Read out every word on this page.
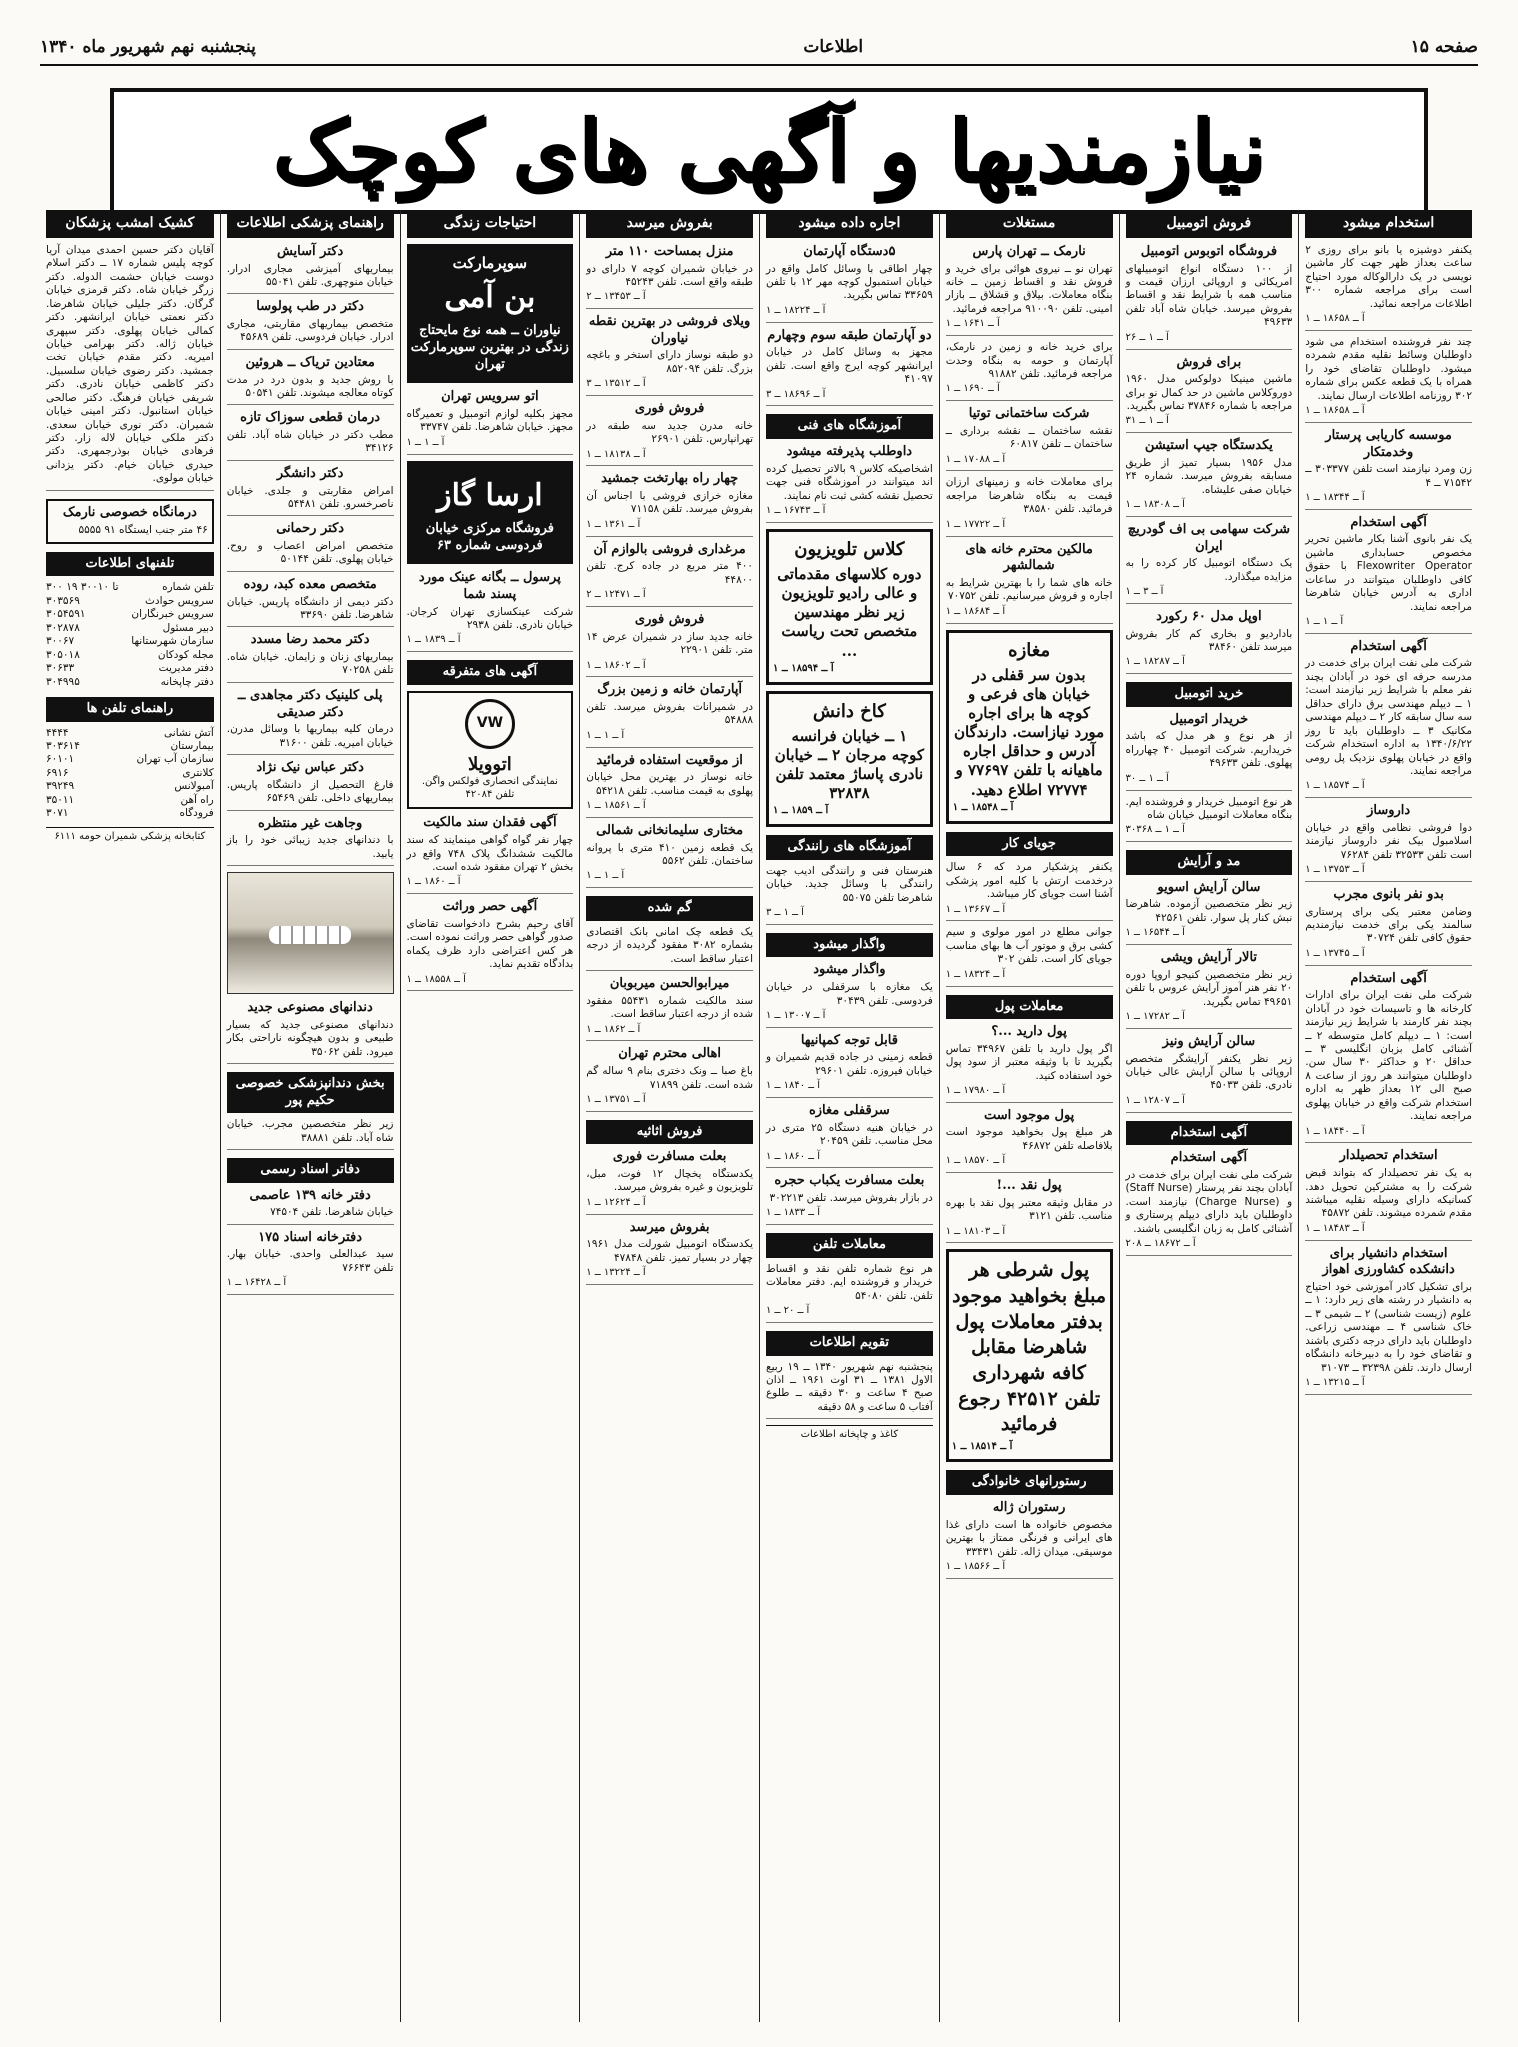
پنجشنبه نهم شهریور ماه ۱۳۴۰	اطلاعات	صفحه ۱۵
نیازمندیها و آگهی های کوچک
استخدام میشود
یکنفر دوشیزه یا بانو برای روزی ۲ ساعت بعداز ظهر جهت کار ماشین نویسی در یک دارالوکاله مورد احتیاج است برای مراجعه شماره ۳۰۰ اطلاعات مراجعه نمائید.
آ ــ ۱۸۶۵۸ ــ ۱
چند نفر فروشنده استخدام می شود داوطلبان وسائط نقلیه مقدم شمرده میشود. داوطلبان تقاضای خود را همراه با یک قطعه عکس برای شماره ۳۰۲ روزنامه اطلاعات ارسال نمایند.
آ ــ ۱۸۶۵۸ ــ ۱
موسسه کاریابی پرستار وخدمتکار
زن ومرد نیازمند است تلفن ۳۰۳۳۷۷ ــ ۷۱۵۴۲ ــ ۴
آ ــ ۱۸۳۴۴ ــ ۱
آگهی استخدام
یک نفر بانوی آشنا بکار ماشین تحریر مخصوص حسابداری ماشین Flexowriter Operator با حقوق کافی داوطلبان میتوانند در ساعات اداری به آدرس خیابان شاهرضا مراجعه نمایند.
آ ــ ۱ ــ ۱
آگهی استخدام
شرکت ملی نفت ایران برای خدمت در مدرسه حرفه ای خود در آبادان بچند نفر معلم با شرایط زیر نیازمند است: ۱ ــ دیپلم مهندسی برق دارای حداقل سه سال سابقه کار ۲ ــ دیپلم مهندسی مکانیک ۳ ــ داوطلبان باید تا روز ۱۳۴۰/۶/۲۲ به اداره استخدام شرکت واقع در خیابان پهلوی نزدیک پل رومی مراجعه نمایند.
آ ــ ۱۸۵۷۴ ــ ۱
داروساز
دوا فروشی نظامی واقع در خیابان اسلامبول بیک نفر داروساز نیازمند است تلفن ۳۲۵۳۳ تلفن ۷۶۲۸۴
آ ــ ۱۳۷۵۳ ــ ۱
بدو نفر بانوی مجرب
وضامن معتبر یکی برای پرستاری سالمند یکی برای خدمت نیازمندیم حقوق کافی تلفن ۳۰۷۲۴
آ ــ ۱۳۷۴۵ ــ ۱
آگهی استخدام
شرکت ملی نفت ایران برای ادارات کارخانه ها و تاسیسات خود در آبادان بچند نفر کارمند با شرایط زیر نیازمند است: ۱ ــ دیپلم کامل متوسطه ۲ ــ آشنائی کامل بزبان انگلیسی ۳ ــ حداقل ۲۰ و حداکثر ۳۰ سال سن. داوطلبان میتوانند هر روز از ساعت ۸ صبح الی ۱۲ بعداز ظهر به اداره استخدام شرکت واقع در خیابان پهلوی مراجعه نمایند.
آ ــ ۱۸۴۴۰ ــ ۱
استخدام تحصیلدار
به یک نفر تحصیلدار که بتواند قبض شرکت را به مشترکین تحویل دهد. کسانیکه دارای وسیله نقلیه میباشند مقدم شمرده میشوند. تلفن ۴۵۸۷۲
آ ــ ۱۸۴۸۳ ــ ۱
استخدام دانشیار برای دانشکده کشاورزی اهواز
برای تشکیل کادر آموزشی خود احتیاج به دانشیار در رشته های زیر دارد: ۱ ــ علوم (زیست شناسی) ۲ ــ شیمی ۳ ــ خاک شناسی ۴ ــ مهندسی زراعی. داوطلبان باید دارای درجه دکتری باشند و تقاضای خود را به دبیرخانه دانشگاه ارسال دارند. تلفن ۳۲۳۹۸ ــ ۳۱۰۷۳
آ ــ ۱۳۲۱۵ ــ ۱
فروش اتومبیل
فروشگاه اتوبوس اتومبیل
از ۱۰۰ دستگاه انواع اتومبیلهای امریکائی و اروپائی ارزان قیمت و مناسب همه با شرایط نقد و اقساط بفروش میرسد. خیابان شاه آباد تلفن ۴۹۶۳۳
آ ــ ۱ ــ ۲۶
برای فروش
ماشین مینیکا دولوکس مدل ۱۹۶۰ دوروکلاس ماشین در حد کمال نو برای مراجعه با شماره ۳۷۸۴۶ تماس بگیرید.
آ ــ ۱ ــ ۳۱
یکدستگاه جیپ استیشن
مدل ۱۹۵۶ بسیار تمیز از طریق مسابقه بفروش میرسد. شماره ۲۴ خیابان صفی علیشاه.
آ ــ ۱۸۳۰۸ ــ ۱
شرکت سهامی بی اف گودریچ ایران
یک دستگاه اتومبیل کار کرده را به مزایده میگذارد.
آ ــ ۳ ــ ۱
اوپل مدل ۶۰ رکورد
باداردیو و بخاری کم کار بفروش میرسد تلفن ۳۸۴۶۰
آ ــ ۱۸۲۸۷ ــ ۱
خرید اتومبیل
خریدار اتومبیل
از هر نوع و هر مدل که باشد خریداریم. شرکت اتومبیل ۴۰ چهارراه پهلوی. تلفن ۴۹۶۳۳
آ ــ ۱ ــ ۳۰
هر نوع اتومبیل خریدار و فروشنده ایم. بنگاه معاملات اتومبیل خیابان شاه
آ ــ ۱ ــ ۳۰۳۶۸
مد و آرایش
سالن آرایش اسویو
زیر نظر متخصصین آزموده. شاهرضا نبش کنار پل سوار. تلفن ۴۲۵۶۱
آ ــ ۱۶۵۴۴ ــ ۱
تالار آرایش ویشی
زیر نظر متخصصین کنیجو اروپا دوره ۲۰ نفر هنر آموز آرایش عروس با تلفن ۴۹۶۵۱ تماس بگیرید.
آ ــ ۱۷۲۸۲ ــ ۱
سالن آرایش ونیز
زیر نظر یکنفر آرایشگر متخصص اروپائی با سالن آرایش عالی خیابان نادری. تلفن ۴۵۰۳۳
آ ــ ۱۲۸۰۷ ــ ۱
آگهی استخدام
آگهی استخدام
شرکت ملی نفت ایران برای خدمت در آبادان بچند نفر پرستار (Staff Nurse) و (Charge Nurse) نیازمند است. داوطلبان باید دارای دیپلم پرستاری و آشنائی کامل به زبان انگلیسی باشند.
آ ــ ۱۸۶۷۲ ــ ۲۰۸
مستغلات
نارمک ــ تهران پارس
تهران نو ــ نیروی هوائی برای خرید و فروش نقد و اقساط زمین ــ خانه بنگاه معاملات. بیلاق و قشلاق ــ بازار امینی. تلفن ۹۱۰۰۹۰ مراجعه فرمائید.
آ ــ ۱۶۴۱ ــ ۱
برای خرید خانه و زمین در نارمک، آپارتمان و حومه به بنگاه وحدت مراجعه فرمائید. تلفن ۹۱۸۸۲
آ ــ ۱۶۹۰ ــ ۱
شرکت ساختمانی توتیا
نقشه ساختمان ــ نقشه برداری ــ ساختمان ــ تلفن ۶۰۸۱۷
آ ــ ۱۷۰۸۸ ــ ۱
برای معاملات خانه و زمینهای ارزان قیمت به بنگاه شاهرضا مراجعه فرمائید. تلفن ۳۸۵۸۰
آ ــ ۱۷۷۲۲ ــ ۱
مالکین محترم خانه های شمالشهر
خانه های شما را با بهترین شرایط به اجاره و فروش میرسانیم. تلفن ۷۰۷۵۲
آ ــ ۱۸۶۸۴ ــ ۱
مغازه
بدون سر قفلی در خیابان های فرعی و کوچه ها برای اجاره مورد نیازاست. دارندگان آدرس و حداقل اجاره ماهیانه با تلفن ۷۷۶۹۷ و ۷۲۷۷۴ اطلاع دهید.
آ ــ ۱۸۵۴۸ ــ ۱
جویای کار
یکنفر پزشکیار مرد که ۶ سال درخدمت ارتش با کلیه امور پزشکی آشنا است جویای کار میباشد.
آ ــ ۱۳۶۶۷ ــ ۱
جوانی مطلع در امور مولوی و سیم کشی برق و موتور آب ها بهای مناسب جویای کار است. تلفن ۳۰۲
آ ــ ۱۸۳۲۴ ــ ۱
معاملات پول
پول دارید ...؟
اگر پول دارید با تلفن ۳۴۹۶۷ تماس بگیرید تا با وثیقه معتبر از سود پول خود استفاده کنید.
آ ــ ۱۷۹۸۰ ــ ۱
پول موجود است
هر مبلغ پول بخواهید موجود است بلافاصله تلفن ۴۶۸۷۲
آ ــ ۱۸۵۷۰ ــ ۱
پول نقد ...!
در مقابل وثیقه معتبر پول نقد با بهره مناسب. تلفن ۳۱۲۱
آ ــ ۱۸۱۰۳ ــ ۱
پول شرطی هر مبلغ بخواهید موجود بدفتر معاملات پول شاهرضا مقابل کافه شهرداری تلفن ۴۲۵۱۲ رجوع فرمائید
آ ــ ۱۸۵۱۴ ــ ۱
رستورانهای خانوادگی
رستوران ژاله
مخصوص خانواده ها است دارای غذا های ایرانی و فرنگی ممتاز با بهترین موسیقی. میدان ژاله. تلفن ۳۳۴۳۱
آ ــ ۱۸۵۶۶ ــ ۱
اجاره داده میشود
۵دستگاه آپارتمان
چهار اطاقی با وسائل کامل واقع در خیابان استمبول کوچه مهر ۱۲ با تلفن ۳۳۶۵۹ تماس بگیرید.
آ ــ ۱۸۲۲۴ ــ ۱
دو آپارتمان طبقه سوم وچهارم
مجهز به وسائل کامل در خیابان ایرانشهر کوچه ایرج واقع است. تلفن ۴۱۰۹۷
آ ــ ۱۸۶۹۶ ــ ۳
آموزشگاه های فنی
داوطلب پذیرفته میشود
اشخاصیکه کلاس ۹ بالاتر تحصیل کرده اند میتوانند در آموزشگاه فنی جهت تحصیل نقشه کشی ثبت نام نمایند.
آ ــ ۱۶۷۴۳ ــ ۱
کلاس تلویزیون
دوره کلاسهای مقدماتی و عالی رادیو تلویزیون زیر نظر مهندسین متخصص تحت ریاست ...
آ ــ ۱۸۵۹۴ ــ ۱
کاخ دانش
۱ ــ خیابان فرانسه کوچه مرجان ۲ ــ خیابان نادری پاساژ معتمد تلفن ۳۲۸۳۸
آ ــ ۱۸۵۹ ــ ۱
آموزشگاه های رانندگی
هنرستان فنی و رانندگی ادیب جهت رانندگی با وسائل جدید. خیابان شاهرضا تلفن ۵۵۰۷۵
آ ــ ۱ ــ ۳
واگذار میشود
واگذار میشود
یک مغازه با سرقفلی در خیابان فردوسی. تلفن ۳۰۴۳۹
آ ــ ۱۳۰۰۷ ــ ۱
قابل توجه کمپانیها
قطعه زمینی در جاده قدیم شمیران و خیابان فیروزه. تلفن ۲۹۶۰۱
آ ــ ۱۸۴۰ ــ ۱
سرقفلی مغازه
در خیابان هنیه دستگاه ۲۵ متری در محل مناسب. تلفن ۲۰۴۵۹
آ ــ ۱۸۶۰ ــ ۱
بعلت مسافرت یکباب حجره
در بازار بفروش میرسد. تلفن ۳۰۲۲۱۳
آ ــ ۱۸۳۳ ــ ۱
معاملات تلفن
هر نوع شماره تلفن نقد و اقساط خریدار و فروشنده ایم. دفتر معاملات تلفن. تلفن ۵۴۰۸۰
آ ــ ۲۰ ــ ۱
تقویم اطلاعات
پنجشنبه نهم شهریور ۱۳۴۰ ــ ۱۹ ربیع الاول ۱۳۸۱ ــ ۳۱ اوت ۱۹۶۱ ــ اذان صبح ۴ ساعت و ۳۰ دقیقه ــ طلوع آفتاب ۵ ساعت و ۵۸ دقیقه
کاغذ و چاپخانه اطلاعات
بفروش میرسد
منزل بمساحت ۱۱۰ متر
در خیابان شمیران کوچه ۷ دارای دو طبقه واقع است. تلفن ۴۵۲۴۳
آ ــ ۱۳۴۵۳ ــ ۲
ویلای فروشی در بهترین نقطه نیاوران
دو طبقه نوساز دارای استخر و باغچه بزرگ. تلفن ۸۵۲۰۹۴
آ ــ ۱۳۵۱۲ ــ ۳
فروش فوری
خانه مدرن جدید سه طبقه در تهرانپارس. تلفن ۲۶۹۰۱
آ ــ ۱۸۱۳۸ ــ ۱
چهار راه بهارتخت جمشید
مغازه خرازی فروشی با اجناس آن بفروش میرسد. تلفن ۷۱۱۵۸
آ ــ ۱۳۶۱ ــ ۱
مرغداری فروشی بالوازم آن
۴۰۰ متر مربع در جاده کرج. تلفن ۴۴۸۰۰
آ ــ ۱۲۴۷۱ ــ ۲
فروش فوری
خانه جدید ساز در شمیران عرض ۱۴ متر. تلفن ۲۲۹۰۱
آ ــ ۱۸۶۰۲ ــ ۱
آپارتمان خانه و زمین بزرگ
در شمیرانات بفروش میرسد. تلفن ۵۴۸۸۸
آ ــ ۱ ــ ۱
از موقعیت استفاده فرمائید
خانه نوساز در بهترین محل خیابان پهلوی به قیمت مناسب. تلفن ۵۴۲۱۸
آ ــ ۱۸۵۶۱ ــ ۱
مختاری سلیمانخانی شمالی
یک قطعه زمین ۴۱۰ متری با پروانه ساختمان. تلفن ۵۵۶۲
آ ــ ۱ ــ ۱
گم شده
یک قطعه چک امانی بانک اقتصادی بشماره ۳۰۸۲ مفقود گردیده از درجه اعتبار ساقط است.
میرابوالحسن میربوبان
سند مالکیت شماره ۵۵۴۳۱ مفقود شده از درجه اعتبار ساقط است.
آ ــ ۱۸۶۲ ــ ۱
اهالی محترم تهران
باغ صبا ــ ونک دختری بنام ۹ ساله گم شده است. تلفن ۷۱۸۹۹
آ ــ ۱۳۷۵۱ ــ ۱
فروش اثاثیه
بعلت مسافرت فوری
یکدستگاه یخچال ۱۲ فوت، مبل، تلویزیون و غیره بفروش میرسد.
آ ــ ۱۲۶۲۴ ــ ۱
بفروش میرسد
یکدستگاه اتومبیل شورلت مدل ۱۹۶۱ چهار در بسیار تمیز. تلفن ۴۷۸۴۸
آ ــ ۱۳۲۲۴ ــ ۱
احتیاجات زندگی
سوپرمارکت
بن آمی
نیاوران ــ همه نوع مایحتاج زندگی در بهترین سوپرمارکت تهران
اتو سرویس تهران
مجهز بکلیه لوازم اتومبیل و تعمیرگاه مجهز. خیابان شاهرضا. تلفن ۳۳۷۴۷
آ ــ ۱ ــ ۱
ارسا گاز
فروشگاه مرکزی خیابان فردوسی شماره ۶۳
پرسول ــ بگانه عینک مورد پسند شما
شرکت عینکسازی تهران کرجان. خیابان نادری. تلفن ۲۹۳۸
آ ــ ۱۸۳۹ ــ ۱
آگهی های متفرقه
VW
اتوویلا
نمایندگی انحصاری فولکس واگن. تلفن ۴۲۰۸۴
آگهی فقدان سند مالکیت
چهار نفر گواه گواهی مینمایند که سند مالکیت ششدانگ پلاک ۷۴۸ واقع در بخش ۲ تهران مفقود شده است.
آ ــ ۱۸۶۰ ــ ۱
آگهی حصر وراثت
آقای رحیم بشرح دادخواست تقاضای صدور گواهی حصر وراثت نموده است. هر کس اعتراضی دارد ظرف یکماه بدادگاه تقدیم نماید.
آ ــ ۱۸۵۵۸ ــ ۱
راهنمای پزشکی اطلاعات
دکتر آسایش
بیماریهای آمیزشی مجاری ادرار. خیابان منوچهری. تلفن ۵۵۰۴۱
دکتر در طب پولوسا
متخصص بیماریهای مقاربتی، مجاری ادرار. خیابان فردوسی. تلفن ۴۵۶۸۹
معتادین تریاک ــ هروئین
با روش جدید و بدون درد در مدت کوتاه معالجه میشوند. تلفن ۵۰۵۴۱
درمان قطعی سوزاک تازه
مطب دکتر در خیابان شاه آباد. تلفن ۳۴۱۲۶
دکتر دانشگر
امراض مقاربتی و جلدی. خیابان ناصرخسرو. تلفن ۵۴۴۸۱
دکتر رحمانی
متخصص امراض اعصاب و روح. خیابان پهلوی. تلفن ۵۰۱۴۴
متخصص معده کبد، روده
دکتر دیمی از دانشگاه پاریس. خیابان شاهرضا. تلفن ۳۳۶۹۰
دکتر محمد رضا مسدد
بیماریهای زنان و زایمان. خیابان شاه. تلفن ۷۰۲۵۸
پلی کلینیک دکتر مجاهدی ــ دکتر صدیقی
درمان کلیه بیماریها با وسائل مدرن. خیابان امیریه. تلفن ۳۱۶۰۰
دکتر عباس نیک نژاد
فارغ التحصیل از دانشگاه پاریس. بیماریهای داخلی. تلفن ۶۵۴۶۹
وجاهت غیر منتظره
با دندانهای جدید زیبائی خود را باز یابید.
دندانهای مصنوعی جدید
دندانهای مصنوعی جدید که بسیار طبیعی و بدون هیچگونه ناراحتی بکار میرود. تلفن ۳۵۰۶۲
بخش دندانپزشکی خصوصی حکیم پور
زیر نظر متخصصین مجرب. خیابان شاه آباد. تلفن ۳۸۸۸۱
دفاتر اسناد رسمی
دفتر خانه ۱۳۹ عاصمی
خیابان شاهرضا. تلفن ۷۴۵۰۴
دفترخانه اسناد ۱۷۵
سید عبدالعلی واحدی. خیابان بهار. تلفن ۷۶۶۴۳
آ ــ ۱۶۴۲۸ ــ ۱
کشیک امشب پزشکان
آقایان دکتر حسین احمدی میدان آریا کوچه پلیس شماره ۱۷ ــ دکتر اسلام دوست خیابان حشمت الدوله. دکتر زرگر خیابان شاه. دکتر قرمزی خیابان گرگان. دکتر جلیلی خیابان شاهرضا. دکتر نعمتی خیابان ایرانشهر. دکتر کمالی خیابان پهلوی. دکتر سپهری خیابان ژاله. دکتر بهرامی خیابان امیریه. دکتر مقدم خیابان تخت جمشید. دکتر رضوی خیابان سلسبیل. دکتر کاظمی خیابان نادری. دکتر شریفی خیابان فرهنگ. دکتر صالحی خیابان استانبول. دکتر امینی خیابان شمیران. دکتر نوری خیابان سعدی. دکتر ملکی خیابان لاله زار. دکتر فرهادی خیابان بوذرجمهری. دکتر حیدری خیابان خیام. دکتر یزدانی خیابان مولوی.
درمانگاه خصوصی نارمک
۴۶ متر جنب ایستگاه ۹۱ ۵۵۵۵
تلفنهای اطلاعات
تلفن شماره
۳۰۰ ۱۹ تا ۳۰۰۱۰
سرویس حوادث
۳۰۳۵۶۹
سرویس خبرنگاران
۳۰۵۴۵۹۱
دبیر مسئول
۳۰۲۸۷۸
سازمان شهرستانها
۳۰۰۶۷
مجله کودکان
۳۰۵۰۱۸
دفتر مدیریت
۳۰۶۳۳
دفتر چاپخانه
۳۰۴۹۹۵
راهنمای تلفن ها
آتش نشانی
۴۴۴۴
بیمارستان
۳۰۳۶۱۴
سازمان آب تهران
۶۰۱۰۱
کلانتری
۶۹۱۶
آمبولانس
۳۹۲۴۹
راه آهن
۳۵۰۱۱
فرودگاه
۳۰۷۱
کتابخانه پزشکی شمیران حومه ۶۱۱۱
